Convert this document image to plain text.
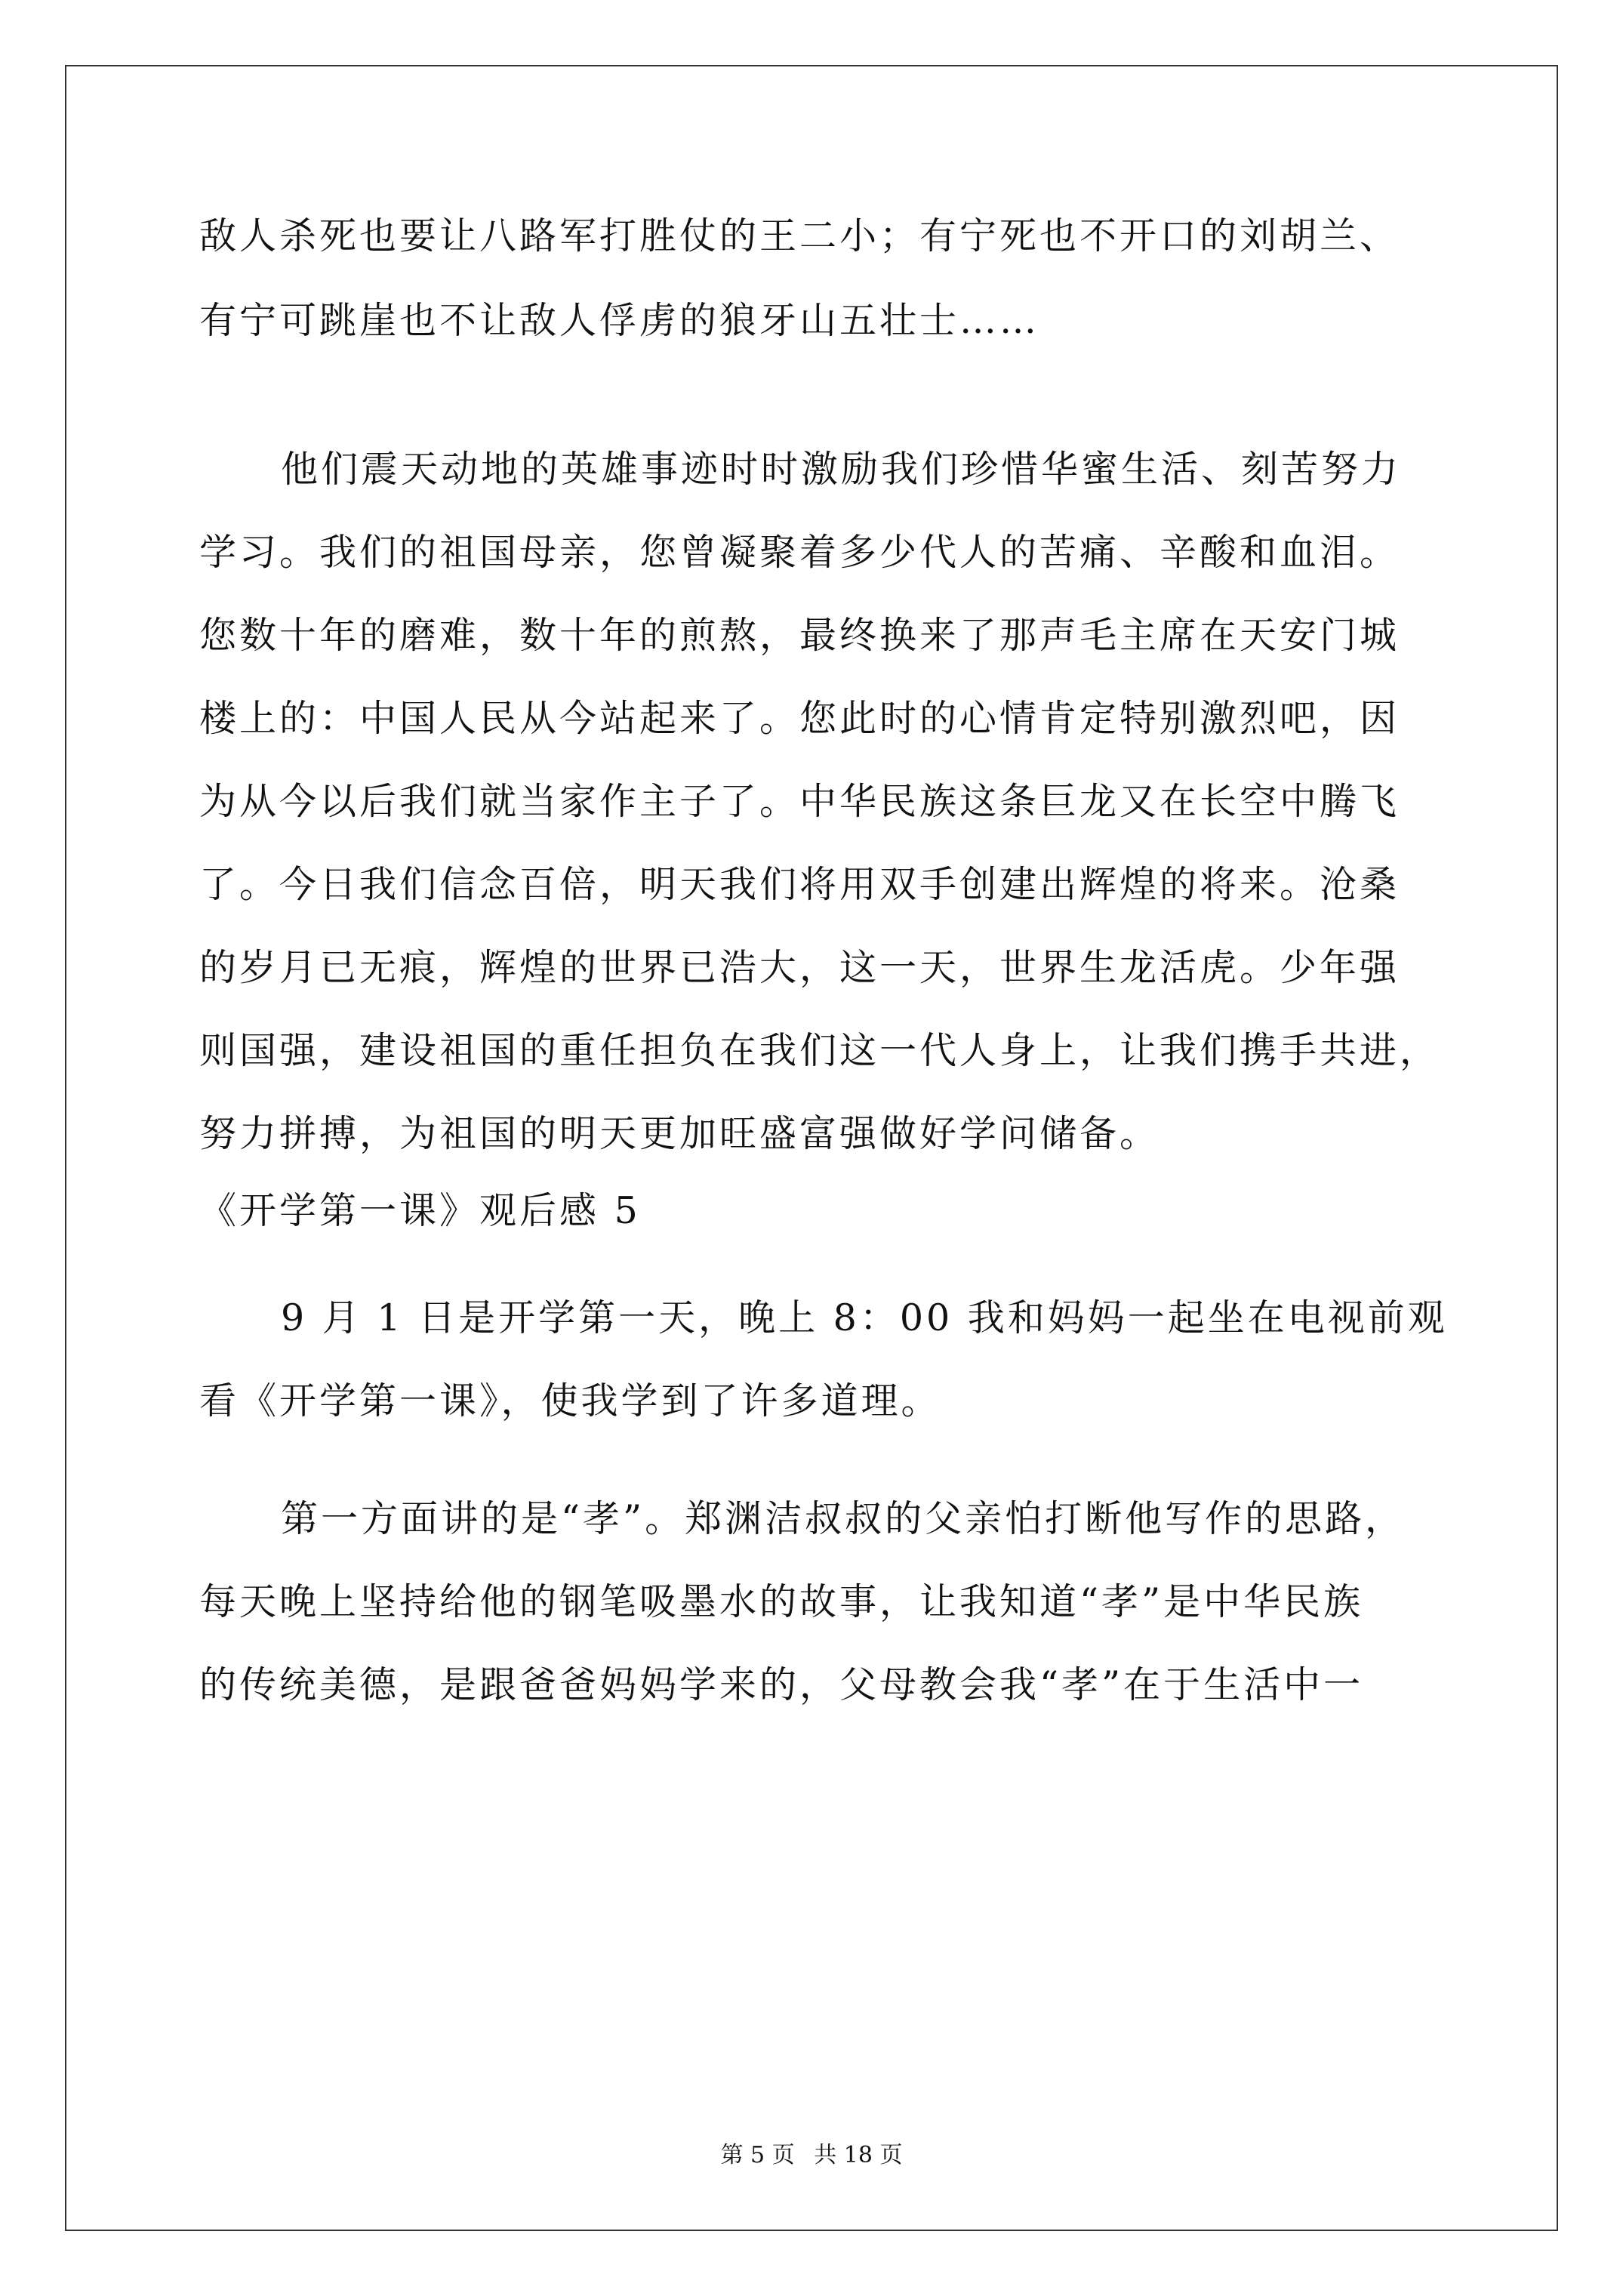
敌人杀死也要让八路军打胜仗的王二小；有宁死也不开口的刘胡兰、
有宁可跳崖也不让敌人俘虏的狼牙山五壮士……
他们震天动地的英雄事迹时时激励我们珍惜华蜜生活、刻苦努力
学习。我们的祖国母亲，您曾凝聚着多少代人的苦痛、辛酸和血泪。
您数十年的磨难，数十年的煎熬，最终换来了那声毛主席在天安门城
楼上的：中国人民从今站起来了。您此时的心情肯定特别激烈吧，因
为从今以后我们就当家作主子了。中华民族这条巨龙又在长空中腾飞
了。今日我们信念百倍，明天我们将用双手创建出辉煌的将来。沧桑
的岁月已无痕，辉煌的世界已浩大，这一天，世界生龙活虎。少年强
则国强，建设祖国的重任担负在我们这一代人身上，让我们携手共进，
努力拼搏，为祖国的明天更加旺盛富强做好学问储备。
《开学第一课》观后感 5
9 月 1 日是开学第一天，晚上 8：00 我和妈妈一起坐在电视前观
看《开学第一课》，使我学到了许多道理。
第一方面讲的是“孝”。郑渊洁叔叔的父亲怕打断他写作的思路，
每天晚上坚持给他的钢笔吸墨水的故事，让我知道“孝”是中华民族
的传统美德，是跟爸爸妈妈学来的，父母教会我“孝”在于生活中一
第 5 页 共 18 页
